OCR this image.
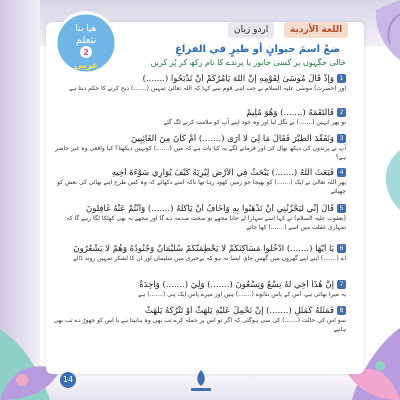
هيا بنا
نتعلم
2
عربی
اردو زبان	اللغة الأردية
ضعْ اسمَ حيوانٍ أو طيرٍ في الفراغِ
خالی جگہوں پر کسی جانور یا پرندے کا نام رکھ کر پُر کریں
1وَإِذْ قَالَ مُوسَىٰ لِقَوْمِهِ إِنَّ اللَّهَ يَأْمُرُكُمْ أَنْ تَذْبَحُوا (.......)
اور (حضرت) موسٰی علیہ السلام نے جب اپنی قوم سے کہا کہ اللہ تعالیٰ تمہیں (.......) ذبح کرنے کا حکم دیتا ہے
2فَالْتَقَمَهُ (.......) وَهُوَ مُلِيمٌ
تو پھر انہیں (.......) نے نگل لیا اور وہ خود اپنے آپ کو ملامت کرنے لگ گئے
3وَتَفَقَّدَ الطَّيْرَ فَقَالَ مَا لِيَ لَا أَرَى (.......) أَمْ كَانَ مِنَ الْغَائِبِينَ
آپ نے پرندوں کی دیکھ بھال کی اور فرمانے لگے یہ کیا بات ہے کہ میں (.......) کونہیں دیکھتا؟ کیا واقعی وہ غیر حاضر ہے؟
4فَبَعَثَ اللَّهُ (.......) يَبْحَثُ فِي الْأَرْضِ لِيُرِيَهُ كَيْفَ يُوَارِي سَوْءَةَ أَخِيهِ
پھر اللہ تعالیٰ نے ایک (.......) کو بھیجا جو زمین کھود رہا تھا تاکہ اسے دکھائے کہ وہ کس طرح اپنے بھائی کی نعش کو چھپائے
5قَالَ إِنِّي لَيَحْزُنُنِي أَنْ تَذْهَبُوا بِهِ وَأَخَافُ أَنْ يَأْكُلَهُ (.......) وَأَنْتُمْ عَنْهُ غَافِلُونَ
(یعقوب علیہ السلام) نے کہا اسے تمہارا لے جانا مجھے تو سخت صدمہ دے گا اور مجھے یہ بھی کھٹکا لگا رہے گا کہ تمہاری غفلت میں اسے (.......) کھا جائے
6يَا أَيُّهَا (.......) ادْخُلُوا مَسَاكِنَكُمْ لَا يَحْطِمَنَّكُمْ سُلَيْمَانُ وَجُنُودُهُ وَهُمْ لَا يَشْعُرُونَ
اے (.......) اپنے اپنے گھروں میں گھس جاؤ، ایسا نہ ہو کہ بےخبری میں سلیمان اور ان کا لشکر تمہیں روند ڈالے
7إِنَّ هَٰذَا أَخِي لَهُ تِسْعٌ وَتِسْعُونَ (.......) وَلِيَ (.......) وَاحِدَةٌ
یہ میرا بھائی ہے، اس کے پاس ننانوے (.......) ہیں اور میرے پاس ایک ہی (.......) ہے
8فَمَثَلُهُ كَمَثَلِ (.......) إِنْ تَحْمِلْ عَلَيْهِ يَلْهَثْ أَوْ تَتْرُكْهُ يَلْهَثْ
سو اس کی حالت (.......) کی سی ہوگئی کہ اگر تو اس پر حملہ کرے تب بھی وہ ہانپتا ہے یا اس کو چھوڑ دے تب بھی ہانپے
14
